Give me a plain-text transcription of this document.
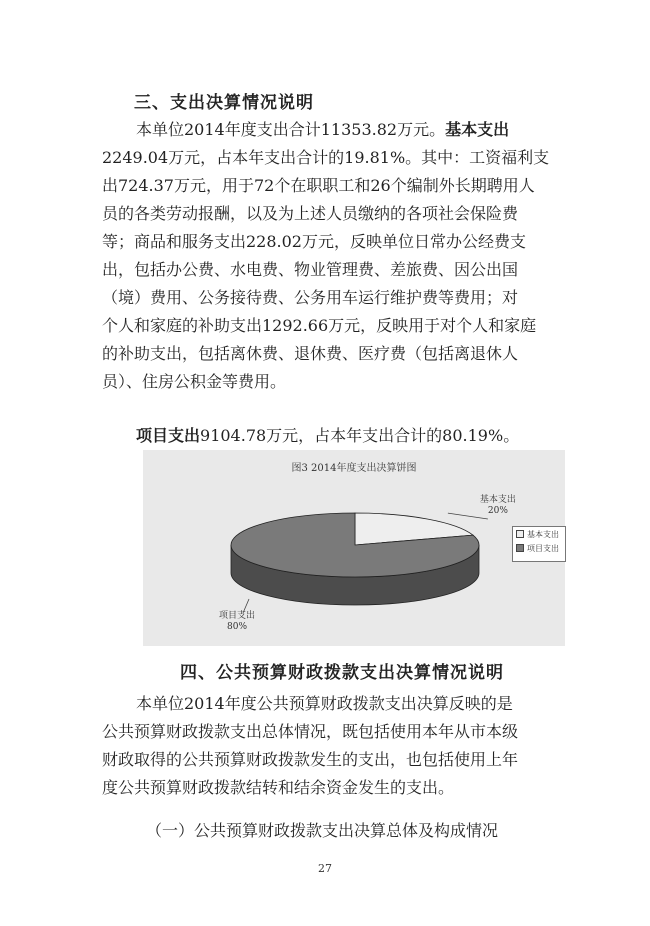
三、支出决算情况说明
本单位2014年度支出合计11353.82万元。基本支出
2249.04万元，占本年支出合计的19.81%。其中：工资福利支
出724.37万元，用于72个在职职工和26个编制外长期聘用人
员的各类劳动报酬，以及为上述人员缴纳的各项社会保险费
等；商品和服务支出228.02万元，反映单位日常办公经费支
出，包括办公费、水电费、物业管理费、差旅费、因公出国
（境）费用、公务接待费、公务用车运行维护费等费用；对
个人和家庭的补助支出1292.66万元，反映用于对个人和家庭
的补助支出，包括离休费、退休费、医疗费（包括离退休人
员）、住房公积金等费用。
项目支出9104.78万元，占本年支出合计的80.19%。
图3 2014年度支出决算饼图
基本支出
20%
项目支出
80%
基本支出
项目支出
四、公共预算财政拨款支出决算情况说明
本单位2014年度公共预算财政拨款支出决算反映的是
公共预算财政拨款支出总体情况，既包括使用本年从市本级
财政取得的公共预算财政拨款发生的支出，也包括使用上年
度公共预算财政拨款结转和结余资金发生的支出。
（一）公共预算财政拨款支出决算总体及构成情况
27
